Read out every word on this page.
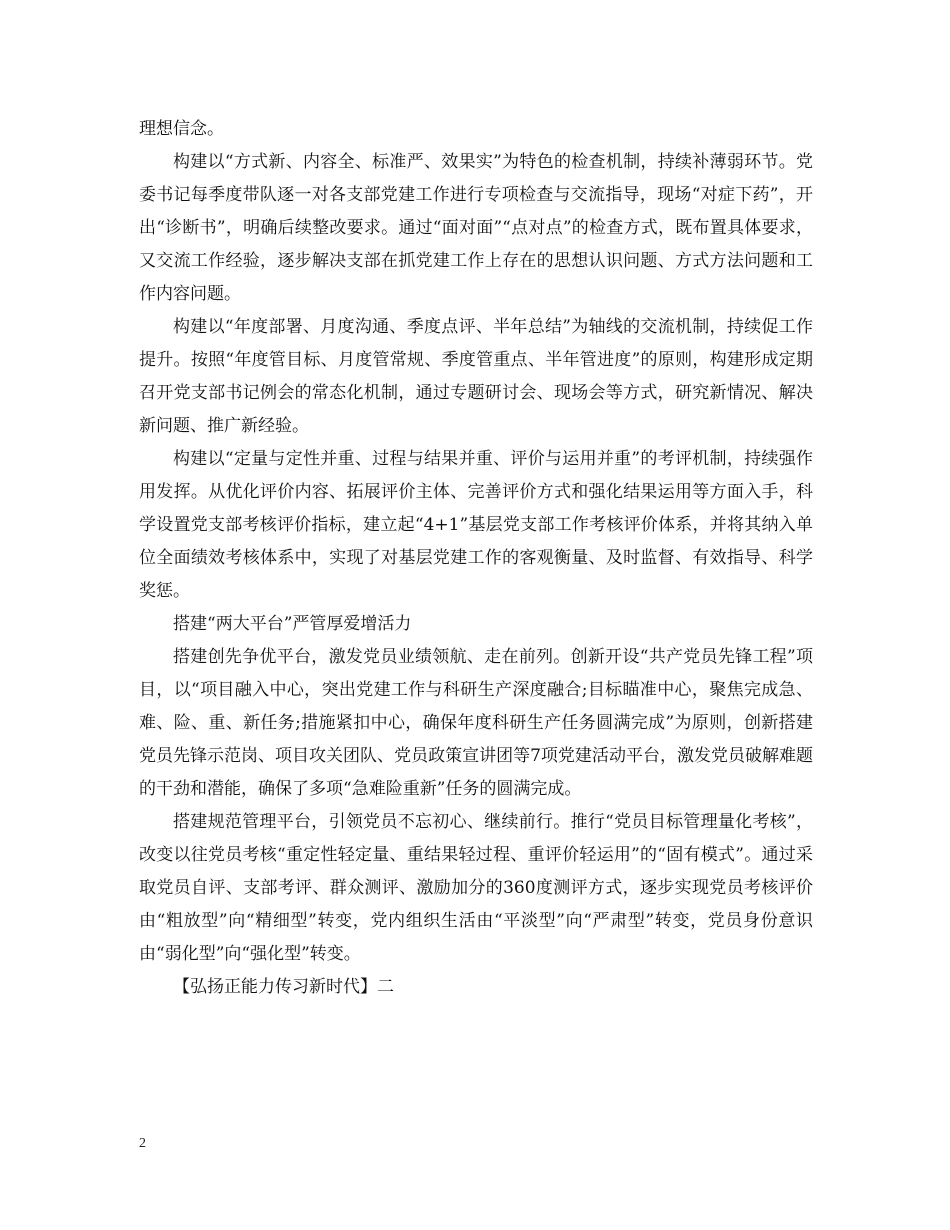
理想信念。

构建以“方式新、内容全、标准严、效果实”为特色的检查机制，持续补薄弱环节。党委书记每季度带队逐一对各支部党建工作进行专项检查与交流指导，现场“对症下药”，开出“诊断书”，明确后续整改要求。通过“面对面”“点对点”的检查方式，既布置具体要求，又交流工作经验，逐步解决支部在抓党建工作上存在的思想认识问题、方式方法问题和工作内容问题。

构建以“年度部署、月度沟通、季度点评、半年总结”为轴线的交流机制，持续促工作提升。按照“年度管目标、月度管常规、季度管重点、半年管进度”的原则，构建形成定期召开党支部书记例会的常态化机制，通过专题研讨会、现场会等方式，研究新情况、解决新问题、推广新经验。

构建以“定量与定性并重、过程与结果并重、评价与运用并重”的考评机制，持续强作用发挥。从优化评价内容、拓展评价主体、完善评价方式和强化结果运用等方面入手，科学设置党支部考核评价指标，建立起“4+1”基层党支部工作考核评价体系，并将其纳入单位全面绩效考核体系中，实现了对基层党建工作的客观衡量、及时监督、有效指导、科学奖惩。

搭建“两大平台”严管厚爱增活力

搭建创先争优平台，激发党员业绩领航、走在前列。创新开设“共产党员先锋工程”项目，以“项目融入中心，突出党建工作与科研生产深度融合;目标瞄准中心，聚焦完成急、难、险、重、新任务;措施紧扣中心，确保年度科研生产任务圆满完成”为原则，创新搭建党员先锋示范岗、项目攻关团队、党员政策宣讲团等7项党建活动平台，激发党员破解难题的干劲和潜能，确保了多项“急难险重新”任务的圆满完成。

搭建规范管理平台，引领党员不忘初心、继续前行。推行“党员目标管理量化考核”，改变以往党员考核“重定性轻定量、重结果轻过程、重评价轻运用”的“固有模式”。通过采取党员自评、支部考评、群众测评、激励加分的360度测评方式，逐步实现党员考核评价由“粗放型”向“精细型”转变，党内组织生活由“平淡型”向“严肃型”转变，党员身份意识由“弱化型”向“强化型”转变。

【弘扬正能力传习新时代】二

2
